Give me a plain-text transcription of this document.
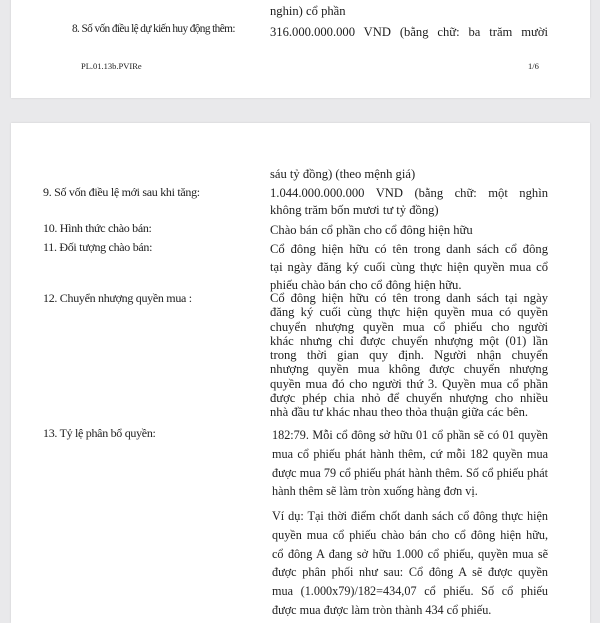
nghin) cổ phần
8. Số vốn điều lệ dự kiến huy động thêm:	316.000.000.000 VND (bằng chữ: ba trăm mười
PL.01.13b.PVIRe	1/6
sáu tỷ đồng) (theo mệnh giá)
9. Số vốn điều lệ mới sau khi tăng:	1.044.000.000.000 VND (bằng chữ: một nghìn
không trăm bốn mươi tư tỷ đồng)
10. Hình thức chào bán:	Chào bán cổ phần cho cổ đông hiện hữu
11. Đối tượng chào bán:	Cổ đông hiện hữu có tên trong danh sách cổ đông
tại ngày đăng ký cuối cùng thực hiện quyền mua cổ
phiếu chào bán cho cổ đông hiện hữu.
12. Chuyển nhượng quyền mua :	Cổ đông hiện hữu có tên trong danh sách tại ngày
đăng ký cuối cùng thực hiện quyền mua có quyền
chuyển nhượng quyền mua cổ phiếu cho người
khác nhưng chỉ được chuyển nhượng một (01) lần
trong thời gian quy định. Người nhận chuyển
nhượng quyền mua không được chuyển nhượng
quyền mua đó cho người thứ 3. Quyền mua cổ phần
được phép chia nhỏ để chuyển nhượng cho nhiều
nhà đầu tư khác nhau theo thỏa thuận giữa các bên.
13. Tỷ lệ phân bổ quyền:	182:79. Mỗi cổ đông sở hữu 01 cổ phần sẽ có 01 quyền
mua cổ phiếu phát hành thêm, cứ mỗi 182 quyền mua
được mua 79 cổ phiếu phát hành thêm. Số cổ phiếu phát
hành thêm sẽ làm tròn xuống hàng đơn vị.
Ví dụ: Tại thời điểm chốt danh sách cổ đông thực hiện
quyền mua cổ phiếu chào bán cho cổ đông hiện hữu,
cổ đông A đang sở hữu 1.000 cổ phiếu, quyền mua sẽ
được phân phối như sau: Cổ đông A sẽ được quyền
mua (1.000x79)/182=434,07 cổ phiếu. Số cổ phiếu
được mua được làm tròn thành 434 cổ phiếu.
